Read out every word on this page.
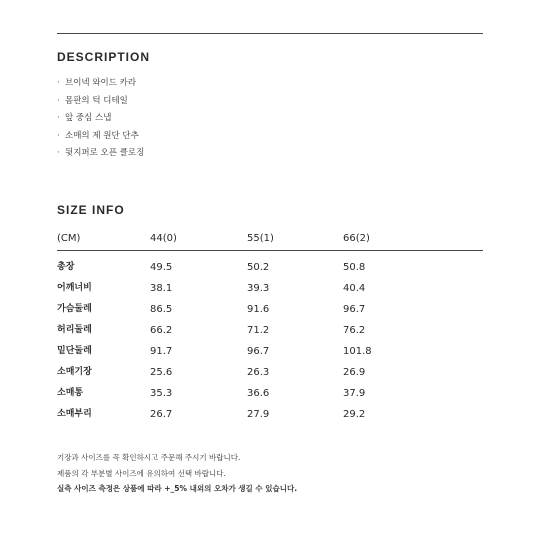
DESCRIPTION
· 브이넥 와이드 카라
· 몸판의 턱 디테일
· 앞 중심 스냅
· 소매의 제 원단 단추
· 뒷지퍼로 오픈 클로징
SIZE INFO
(CM)	44(0)	55(1)	66(2)
총장	49.5	50.2	50.8
어깨너비	38.1	39.3	40.4
가슴둘레	86.5	91.6	96.7
허리둘레	66.2	71.2	76.2
밑단둘레	91.7	96.7	101.8
소매기장	25.6	26.3	26.9
소매통	35.3	36.6	37.9
소매부리	26.7	27.9	29.2
기장과 사이즈를 꼭 확인하시고 주문해 주시기 바랍니다.
제품의 각 부분별 사이즈에 유의하여 선택 바랍니다.
실측 사이즈 측정은 상품에 따라 +_5% 내외의 오차가 생길 수 있습니다.
